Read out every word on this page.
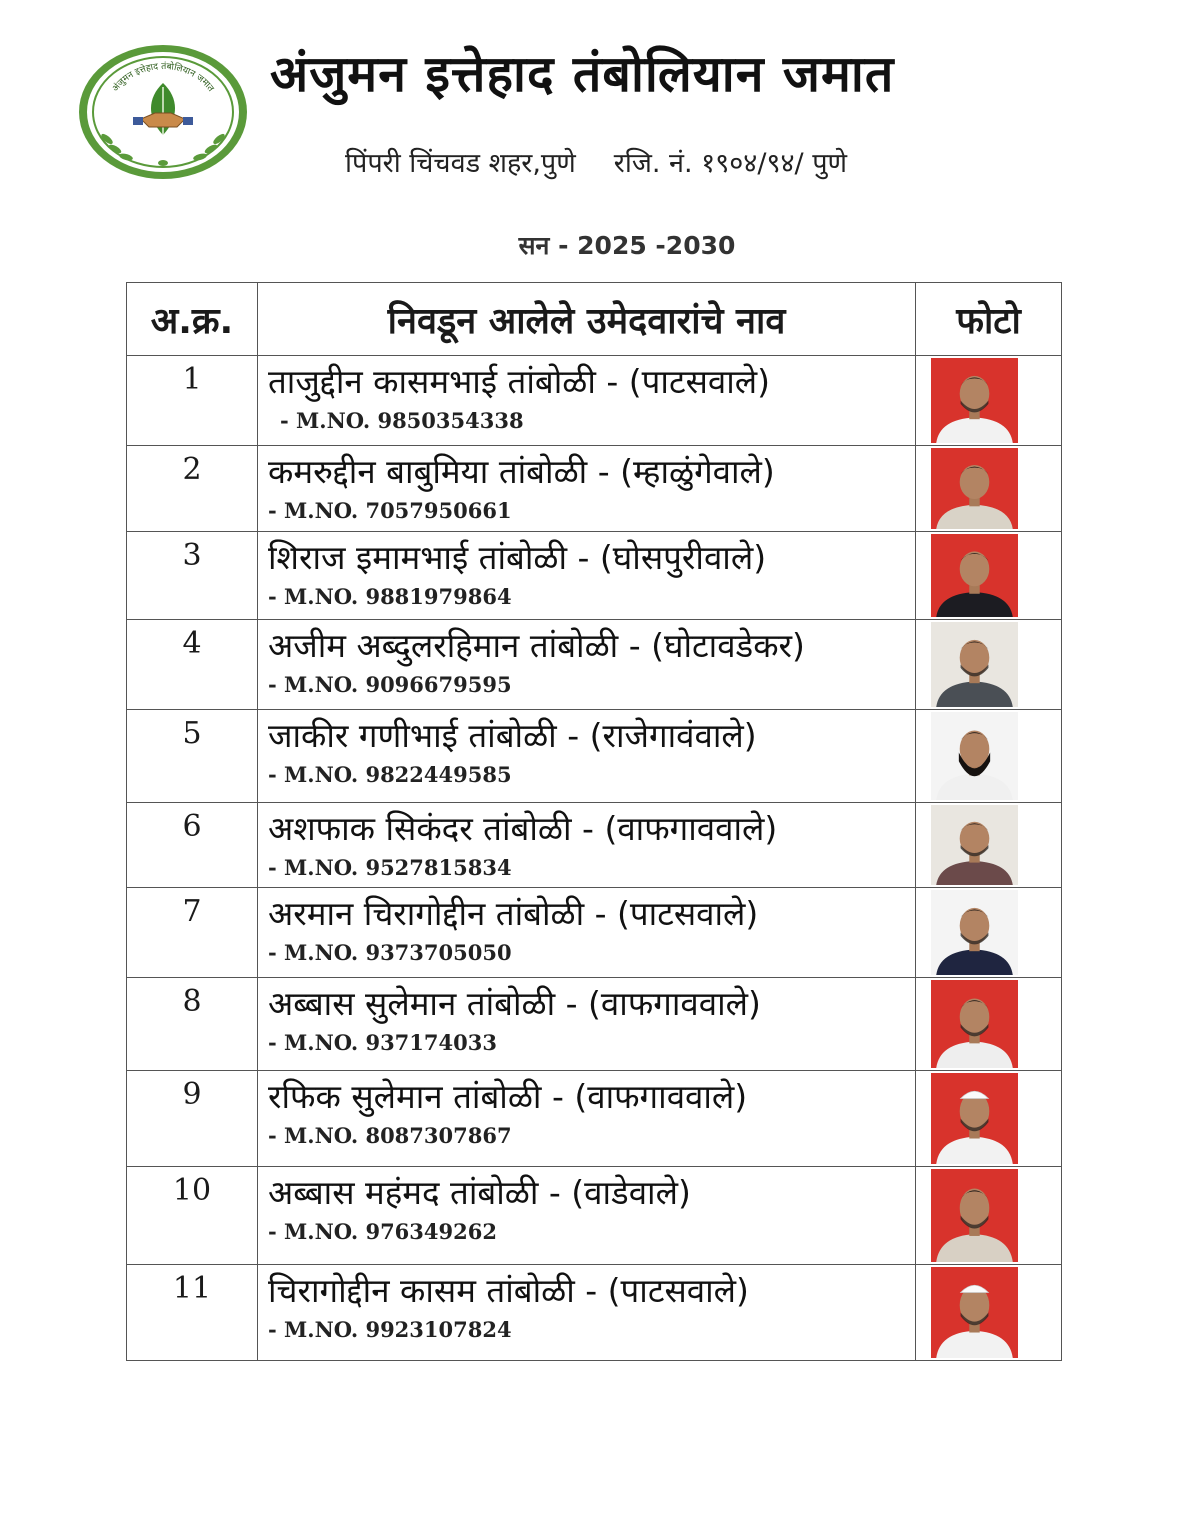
अंजुमन इत्तेहाद तंबोलियान जमात अंजुमन इत्तेहाद तंबोलियान जमात
पिंपरी चिंचवड शहर,पुणे रजि. नं. १९०४/९४/ पुणे
सन - 2025 -2030
अ.क्र.	निवडून आलेले उमेदवारांचे नाव	फोटो
1	ताजुद्दीन कासमभाई तांबोळी - (पाटसवाले)
- M.NO. 9850354338

2	कमरुद्दीन बाबुमिया तांबोळी - (म्हाळुंगेवाले)
- M.NO. 7057950661

3	शिराज इमामभाई तांबोळी - (घोसपुरीवाले)
- M.NO. 9881979864

4	अजीम अब्दुलरहिमान तांबोळी - (घोटावडेकर)
- M.NO. 9096679595

5	जाकीर गणीभाई तांबोळी - (राजेगावंवाले)
- M.NO. 9822449585

6	अशफाक सिकंदर तांबोळी - (वाफगाववाले)
- M.NO. 9527815834

7	अरमान चिरागोद्दीन तांबोळी - (पाटसवाले)
- M.NO. 9373705050

8	अब्बास सुलेमान तांबोळी - (वाफगाववाले)
- M.NO. 937174033

9	रफिक सुलेमान तांबोळी - (वाफगाववाले)
- M.NO. 8087307867

10	अब्बास महंमद तांबोळी - (वाडेवाले)
- M.NO. 976349262

11	चिरागोद्दीन कासम तांबोळी - (पाटसवाले)
- M.NO. 9923107824
